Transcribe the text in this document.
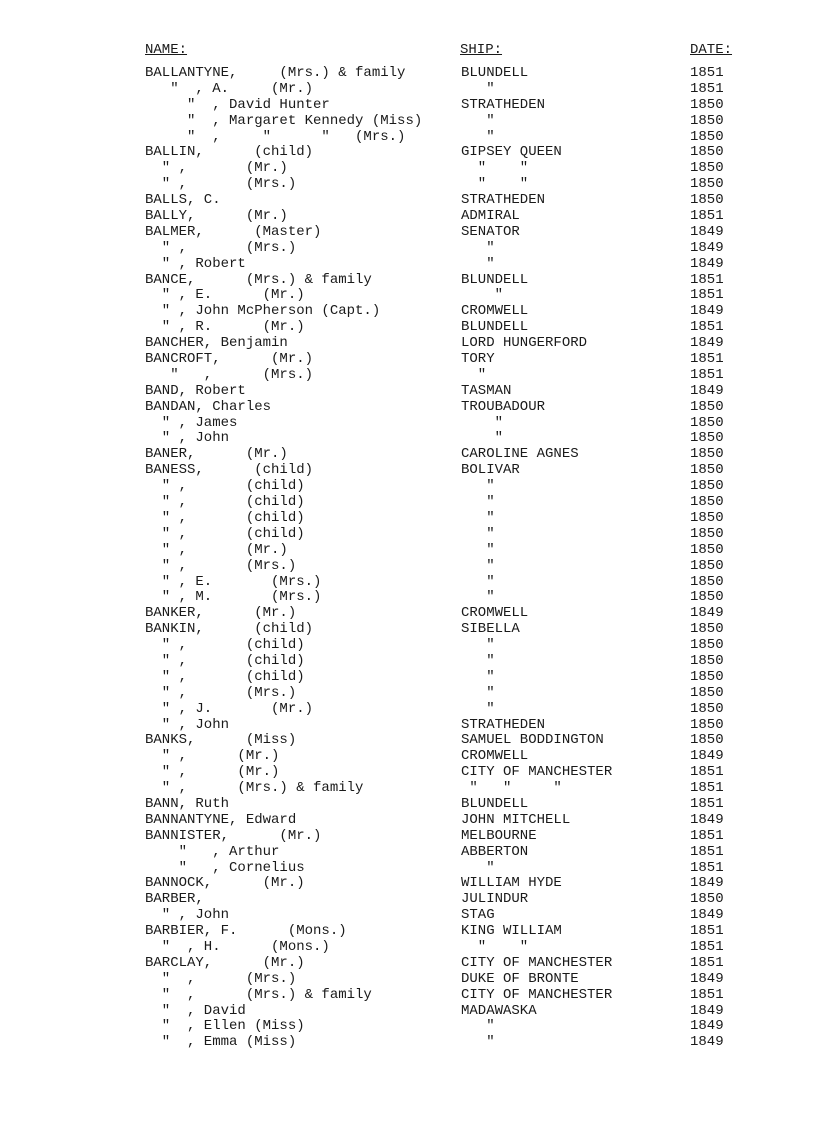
NAME:	SHIP:	DATE:
BALLANTYNE,     (Mrs.) & family	BLUNDELL	1851
"  , A.     (Mr.)	"	1851
"  , David Hunter	STRATHEDEN	1850
"  , Margaret Kennedy (Miss)	"	1850
"  ,     "      "   (Mrs.)	"	1850
BALLIN,      (child)	GIPSEY QUEEN	1850
" ,       (Mr.)	"    "	1850
" ,       (Mrs.)	"    "	1850
BALLS, C.	STRATHEDEN	1850
BALLY,      (Mr.)	ADMIRAL	1851
BALMER,      (Master)	SENATOR	1849
" ,       (Mrs.)	"	1849
" , Robert	"	1849
BANCE,      (Mrs.) & family	BLUNDELL	1851
" , E.      (Mr.)	"	1851
" , John McPherson (Capt.)	CROMWELL	1849
" , R.      (Mr.)	BLUNDELL	1851
BANCHER, Benjamin	LORD HUNGERFORD	1849
BANCROFT,      (Mr.)	TORY	1851
"   ,      (Mrs.)	"	1851
BAND, Robert	TASMAN	1849
BANDAN, Charles	TROUBADOUR	1850
" , James	"	1850
" , John	"	1850
BANER,      (Mr.)	CAROLINE AGNES	1850
BANESS,      (child)	BOLIVAR	1850
" ,       (child)	"	1850
" ,       (child)	"	1850
" ,       (child)	"	1850
" ,       (child)	"	1850
" ,       (Mr.)	"	1850
" ,       (Mrs.)	"	1850
" , E.       (Mrs.)	"	1850
" , M.       (Mrs.)	"	1850
BANKER,      (Mr.)	CROMWELL	1849
BANKIN,      (child)	SIBELLA	1850
" ,       (child)	"	1850
" ,       (child)	"	1850
" ,       (child)	"	1850
" ,       (Mrs.)	"	1850
" , J.       (Mr.)	"	1850
" , John	STRATHEDEN	1850
BANKS,      (Miss)	SAMUEL BODDINGTON	1850
" ,      (Mr.)	CROMWELL	1849
" ,      (Mr.)	CITY OF MANCHESTER	1851
" ,      (Mrs.) & family	"   "     "	1851
BANN, Ruth	BLUNDELL	1851
BANNANTYNE, Edward	JOHN MITCHELL	1849
BANNISTER,      (Mr.)	MELBOURNE	1851
"   , Arthur	ABBERTON	1851
"   , Cornelius	"	1851
BANNOCK,      (Mr.)	WILLIAM HYDE	1849
BARBER,	JULINDUR	1850
" , John	STAG	1849
BARBIER, F.      (Mons.)	KING WILLIAM	1851
"  , H.      (Mons.)	"    "	1851
BARCLAY,      (Mr.)	CITY OF MANCHESTER	1851
"  ,      (Mrs.)	DUKE OF BRONTE	1849
"  ,      (Mrs.) & family	CITY OF MANCHESTER	1851
"  , David	MADAWASKA	1849
"  , Ellen (Miss)	"	1849
"  , Emma (Miss)	"	1849
